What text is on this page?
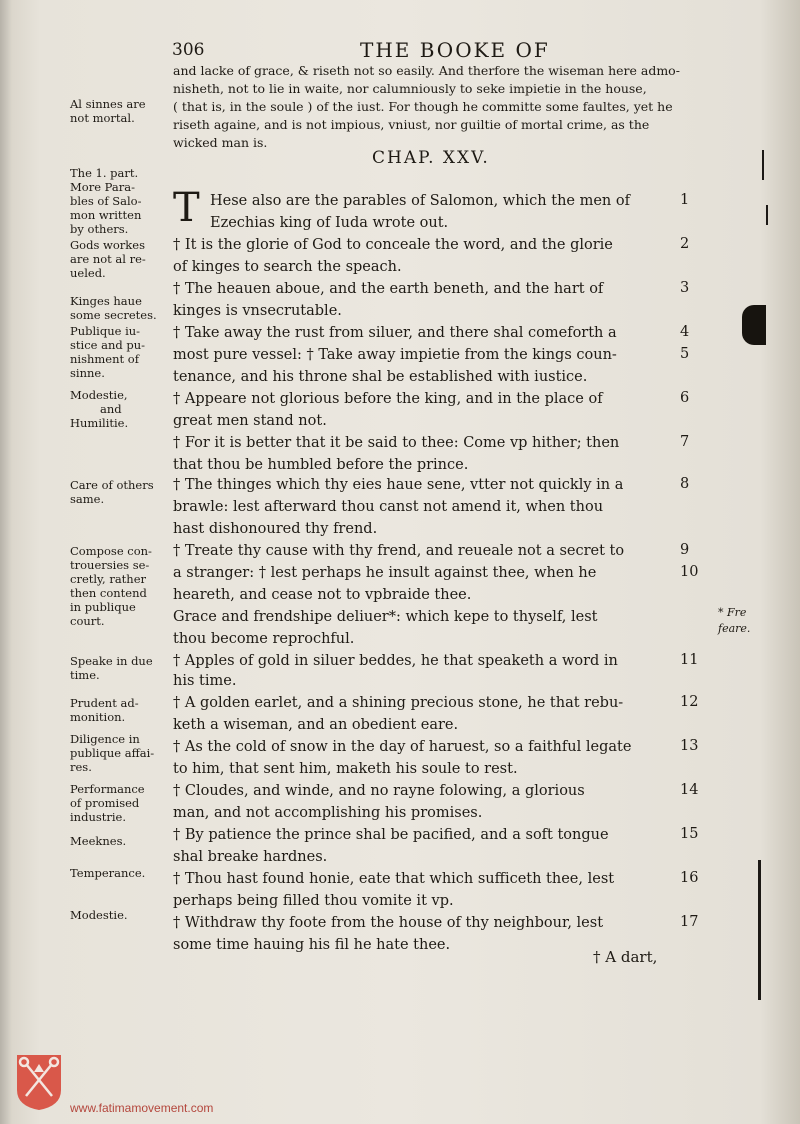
306	THE BOOKE OF
and lacke of grace, & riseth not so easily. And therfore the wiseman here admo-
nisheth, not to lie in waite, nor calumniously to seke impietie in the house,
( that is, in the soule ) of the iust. For though he committe some faultes, yet he
riseth againe, and is not impious, vniust, nor guiltie of mortal crime, as the
wicked man is.
Al sinnes are
not mortal.
CHAP. XXV.
T Hese also are the parables of Salomon, which the men of
Ezechias king of Iuda wrote out.
† It is the glorie of God to conceale the word, and the glorie
of kinges to search the speach.
† The heauen aboue, and the earth beneth, and the hart of
kinges is vnsecrutable.
† Take away the rust from siluer, and there shal comeforth a
most pure vessel: † Take away impietie from the kings coun-
tenance, and his throne shal be established with iustice.
† Appeare not glorious before the king, and in the place of
great men stand not.
† For it is better that it be said to thee: Come vp hither; then
that thou be humbled before the prince.
† The thinges which thy eies haue sene, vtter not quickly in a
brawle: lest afterward thou canst not amend it, when thou
hast dishonoured thy frend.
† Treate thy cause with thy frend, and reueale not a secret to
a stranger: † lest perhaps he insult against thee, when he
heareth, and cease not to vpbraide thee.
Grace and frendshipe deliuer*: which kepe to thyself, lest
thou become reprochful.
† Apples of gold in siluer beddes, he that speaketh a word in
his time.
† A golden earlet, and a shining precious stone, he that rebu-
keth a wiseman, and an obedient eare.
† As the cold of snow in the day of haruest, so a faithful legate
to him, that sent him, maketh his soule to rest.
† Cloudes, and winde, and no rayne folowing, a glorious
man, and not accomplishing his promises.
† By patience the prince shal be pacified, and a soft tongue
shal breake hardnes.
† Thou hast found honie, eate that which sufficeth thee, lest
perhaps being filled thou vomite it vp.
† Withdraw thy foote from the house of thy neighbour, lest
some time hauing his fil he hate thee.
1
2
3
4
5
6
7
8
9
10
11
12
13
14
15
16
17
The 1. part.
More Para-
bles of Salo-
mon written
by others.
Gods workes
are not al re-
ueled.
Kinges haue
some secretes.
Publique iu-
stice and pu-
nishment of
sinne.
Modestie,
and
Humilitie.
Care of others
same.
Compose con-
trouersies se-
cretly, rather
then contend
in publique
court.
Speake in due
time.
Prudent ad-
monition.
Diligence in
publique affai-
res.
Performance
of promised
industrie.
Meeknes.
Temperance.
Modestie.
* Fre
feare.
† A dart,
www.fatimamovement.com
